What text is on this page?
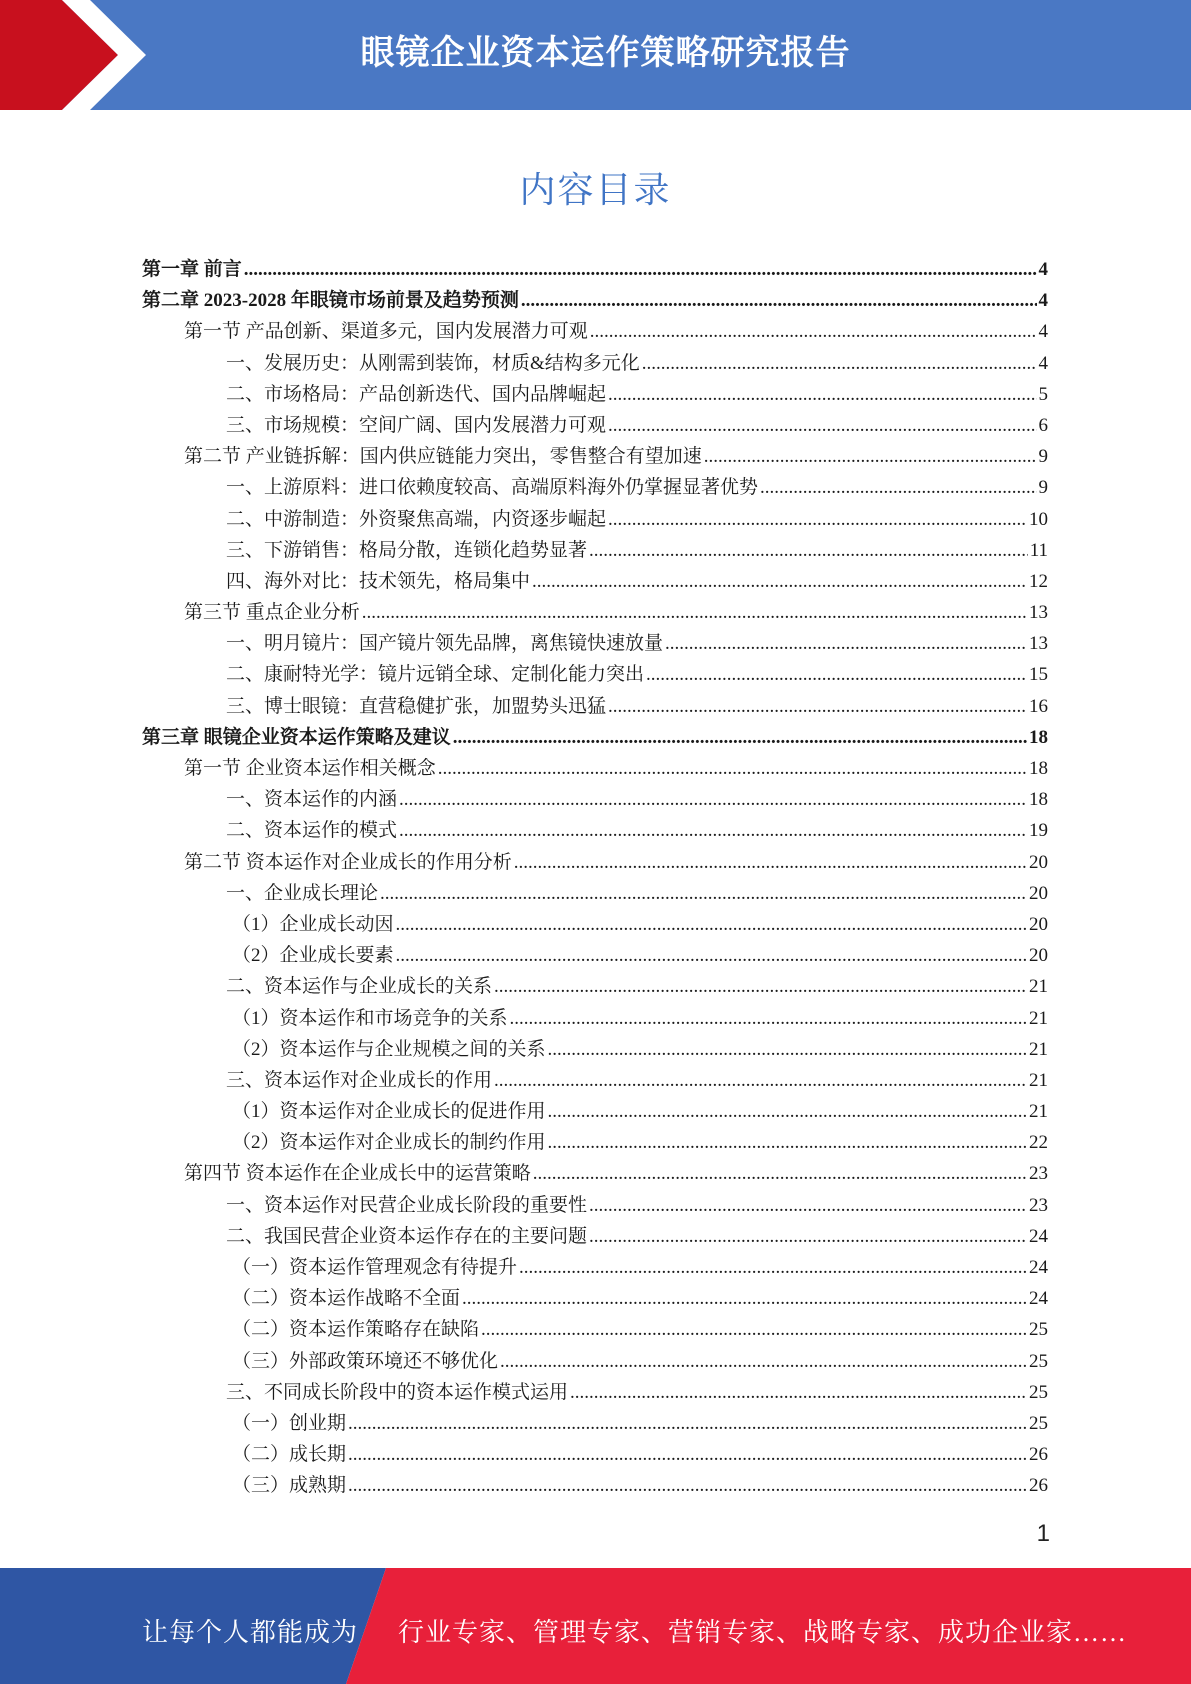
眼镜企业资本运作策略研究报告
内容目录
第一章 前言 .....	4
第二章 2023-2028 年眼镜市场前景及趋势预测 .....	4
第一节 产品创新、渠道多元，国内发展潜力可观 .....	4
一、发展历史：从刚需到装饰，材质&结构多元化 .....	4
二、市场格局：产品创新迭代、国内品牌崛起 .....	5
三、市场规模：空间广阔、国内发展潜力可观 .....	6
第二节 产业链拆解：国内供应链能力突出，零售整合有望加速 .....	9
一、上游原料：进口依赖度较高、高端原料海外仍掌握显著优势 .....	9
二、中游制造：外资聚焦高端，内资逐步崛起 .....	10
三、下游销售：格局分散，连锁化趋势显著 .....	11
四、海外对比：技术领先，格局集中 .....	12
第三节 重点企业分析 .....	13
一、明月镜片：国产镜片领先品牌，离焦镜快速放量 .....	13
二、康耐特光学：镜片远销全球、定制化能力突出 .....	15
三、博士眼镜：直营稳健扩张，加盟势头迅猛 .....	16
第三章 眼镜企业资本运作策略及建议 .....	18
第一节 企业资本运作相关概念 .....	18
一、资本运作的内涵 .....	18
二、资本运作的模式 .....	19
第二节 资本运作对企业成长的作用分析 .....	20
一、企业成长理论 .....	20
（1）企业成长动因 .....	20
（2）企业成长要素 .....	20
二、资本运作与企业成长的关系 .....	21
（1）资本运作和市场竞争的关系 .....	21
（2）资本运作与企业规模之间的关系 .....	21
三、资本运作对企业成长的作用 .....	21
（1）资本运作对企业成长的促进作用 .....	21
（2）资本运作对企业成长的制约作用 .....	22
第四节 资本运作在企业成长中的运营策略 .....	23
一、资本运作对民营企业成长阶段的重要性 .....	23
二、我国民营企业资本运作存在的主要问题 .....	24
（一）资本运作管理观念有待提升 .....	24
（二）资本运作战略不全面 .....	24
（二）资本运作策略存在缺陷 .....	25
（三）外部政策环境还不够优化 .....	25
三、不同成长阶段中的资本运作模式运用 .....	25
（一）创业期 .....	25
（二）成长期 .....	26
（三）成熟期 .....	26
1
让每个人都能成为 行业专家、管理专家、营销专家、战略专家、成功企业家……
